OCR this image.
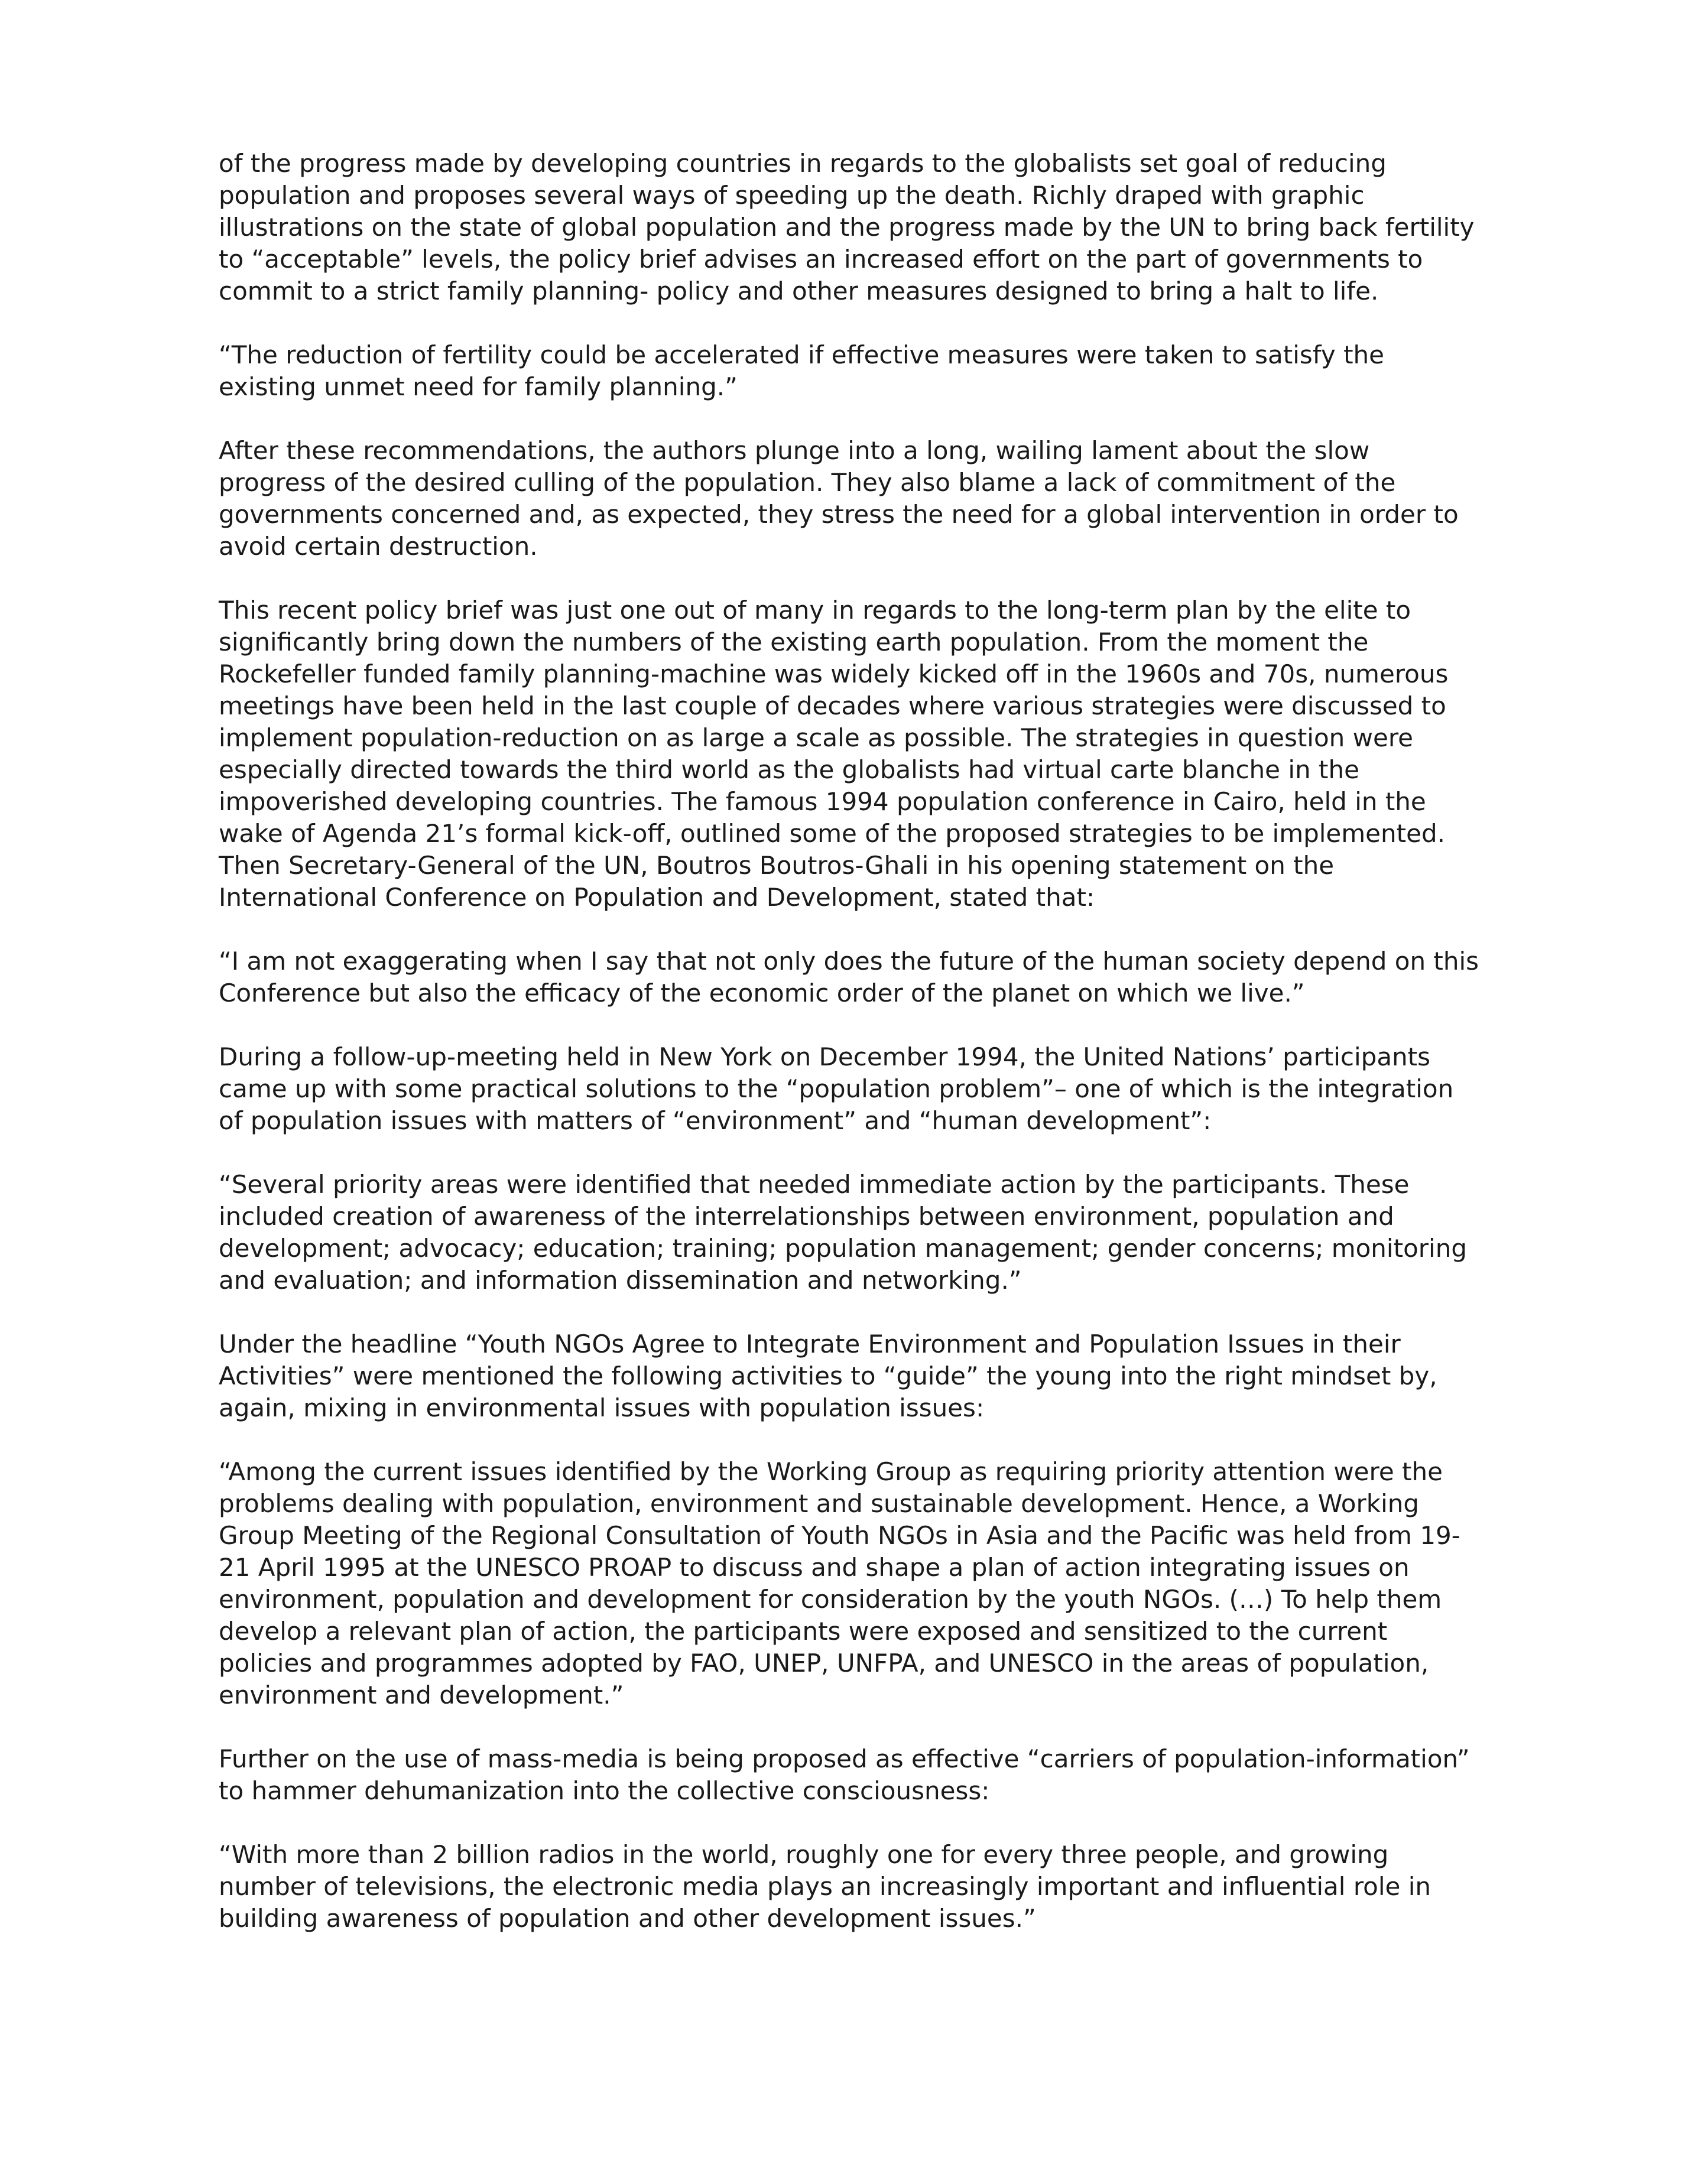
of the progress made by developing countries in regards to the globalists set goal of reducing population and proposes several ways of speeding up the death. Richly draped with graphic illustrations on the state of global population and the progress made by the UN to bring back fertility to “acceptable” levels, the policy brief advises an increased effort on the part of governments to commit to a strict family planning- policy and other measures designed to bring a halt to life.

“The reduction of fertility could be accelerated if effective measures were taken to satisfy the existing unmet need for family planning.”

After these recommendations, the authors plunge into a long, wailing lament about the slow progress of the desired culling of the population. They also blame a lack of commitment of the governments concerned and, as expected, they stress the need for a global intervention in order to avoid certain destruction.

This recent policy brief was just one out of many in regards to the long-term plan by the elite to significantly bring down the numbers of the existing earth population. From the moment the Rockefeller funded family planning-machine was widely kicked off in the 1960s and 70s, numerous meetings have been held in the last couple of decades where various strategies were discussed to implement population-reduction on as large a scale as possible. The strategies in question were especially directed towards the third world as the globalists had virtual carte blanche in the impoverished developing countries. The famous 1994 population conference in Cairo, held in the wake of Agenda 21’s formal kick-off, outlined some of the proposed strategies to be implemented. Then Secretary-General of the UN, Boutros Boutros-Ghali in his opening statement on the International Conference on Population and Development, stated that:

“I am not exaggerating when I say that not only does the future of the human society depend on this Conference but also the efficacy of the economic order of the planet on which we live.”

During a follow-up-meeting held in New York on December 1994, the United Nations’ participants came up with some practical solutions to the “population problem”– one of which is the integration of population issues with matters of “environment” and “human development”:

“Several priority areas were identified that needed immediate action by the participants. These included creation of awareness of the interrelationships between environment, population and development; advocacy; education; training; population management; gender concerns; monitoring and evaluation; and information dissemination and networking.”

Under the headline “Youth NGOs Agree to Integrate Environment and Population Issues in their Activities” were mentioned the following activities to “guide” the young into the right mindset by, again, mixing in environmental issues with population issues:

“Among the current issues identified by the Working Group as requiring priority attention were the problems dealing with population, environment and sustainable development. Hence, a Working Group Meeting of the Regional Consultation of Youth NGOs in Asia and the Pacific was held from 19-21 April 1995 at the UNESCO PROAP to discuss and shape a plan of action integrating issues on environment, population and development for consideration by the youth NGOs. (…) To help them develop a relevant plan of action, the participants were exposed and sensitized to the current policies and programmes adopted by FAO, UNEP, UNFPA, and UNESCO in the areas of population, environment and development.”

Further on the use of mass-media is being proposed as effective “carriers of population-information” to hammer dehumanization into the collective consciousness:

“With more than 2 billion radios in the world, roughly one for every three people, and growing number of televisions, the electronic media plays an increasingly important and influential role in building awareness of population and other development issues.”
